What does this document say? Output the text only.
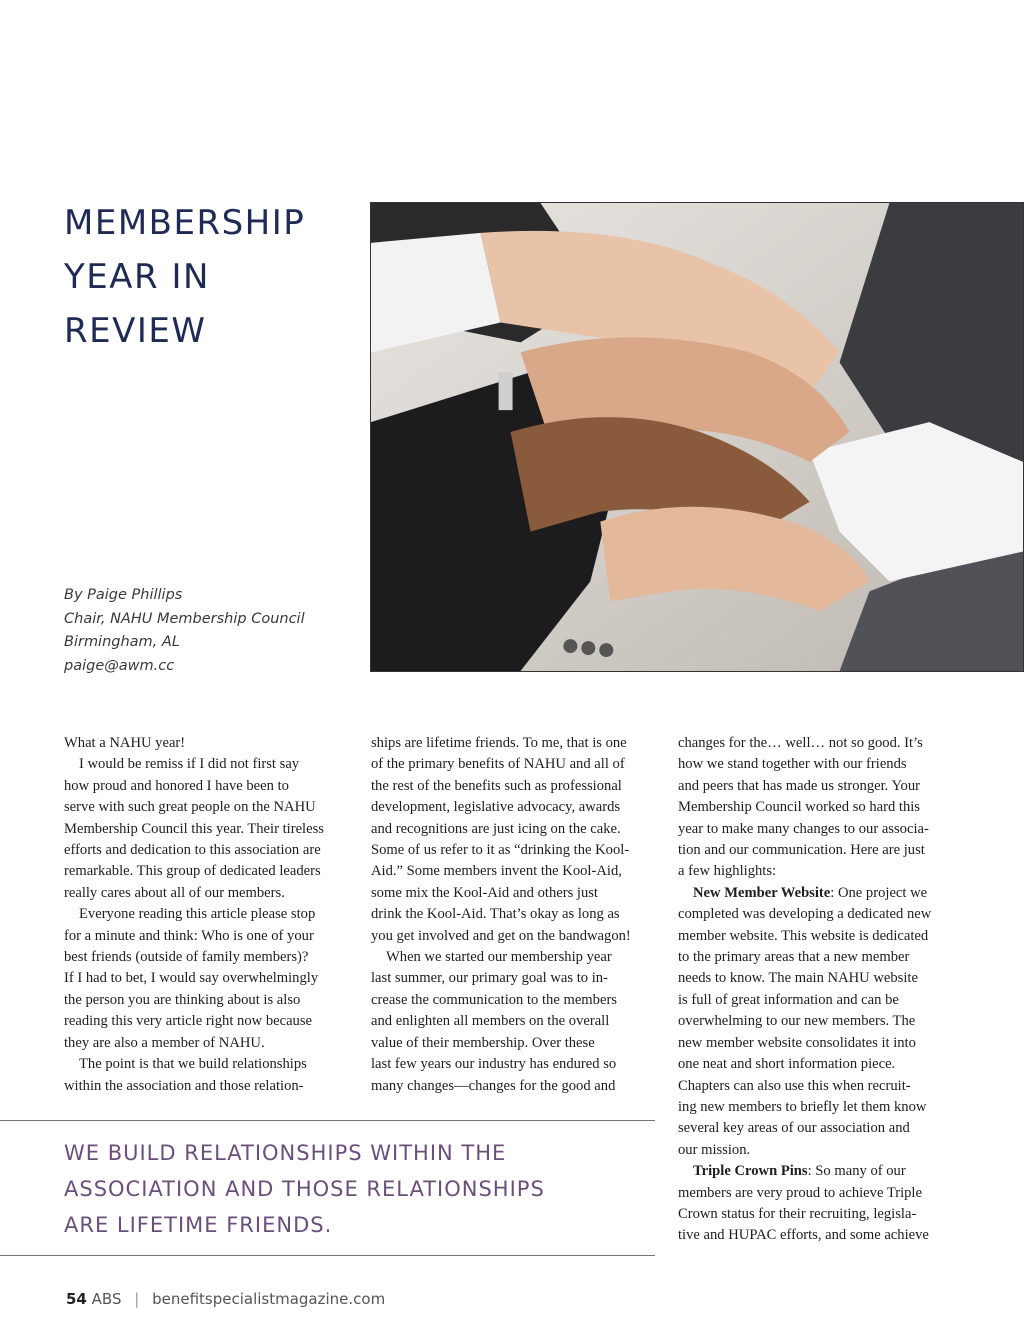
MEMBERSHIP
YEAR IN
REVIEW
By Paige Phillips
Chair, NAHU Membership Council
Birmingham, AL
paige@awm.cc
What a NAHU year!
I would be remiss if I did not first say
how proud and honored I have been to
serve with such great people on the NAHU
Membership Council this year. Their tireless
efforts and dedication to this association are
remarkable. This group of dedicated leaders
really cares about all of our members.
Everyone reading this article please stop
for a minute and think: Who is one of your
best friends (outside of family members)?
If I had to bet, I would say overwhelmingly
the person you are thinking about is also
reading this very article right now because
they are also a member of NAHU.
The point is that we build relationships
within the association and those relation-
ships are lifetime friends. To me, that is one
of the primary benefits of NAHU and all of
the rest of the benefits such as professional
development, legislative advocacy, awards
and recognitions are just icing on the cake.
Some of us refer to it as “drinking the Kool-
Aid.” Some members invent the Kool-Aid,
some mix the Kool-Aid and others just
drink the Kool-Aid. That’s okay as long as
you get involved and get on the bandwagon!
When we started our membership year
last summer, our primary goal was to in-
crease the communication to the members
and enlighten all members on the overall
value of their membership. Over these
last few years our industry has endured so
many changes—changes for the good and
changes for the… well… not so good. It’s
how we stand together with our friends
and peers that has made us stronger. Your
Membership Council worked so hard this
year to make many changes to our associa-
tion and our communication. Here are just
a few highlights:
New Member Website: One project we
completed was developing a dedicated new
member website. This website is dedicated
to the primary areas that a new member
needs to know. The main NAHU website
is full of great information and can be
overwhelming to our new members. The
new member website consolidates it into
one neat and short information piece.
Chapters can also use this when recruit-
ing new members to briefly let them know
several key areas of our association and
our mission.
Triple Crown Pins: So many of our
members are very proud to achieve Triple
Crown status for their recruiting, legisla-
tive and HUPAC efforts, and some achieve
WE BUILD RELATIONSHIPS WITHIN THE
ASSOCIATION AND THOSE RELATIONSHIPS
ARE LIFETIME FRIENDS.
54 ABS | benefitspecialistmagazine.com
